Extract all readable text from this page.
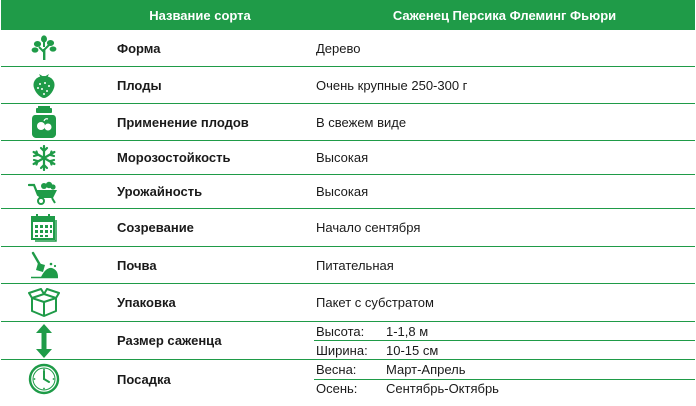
Название сорта	Саженец Персика Флеминг Фьюри
Форма	Дерево
Плоды	Очень крупные 250-300 г
Применение плодов	В свежем виде
Морозостойкость	Высокая
Урожайность	Высокая
Созревание	Начало сентября
Почва	Питательная
Упаковка	Пакет с субстратом
Размер саженца
Высота:	1-1,8 м
Ширина:	10-15 см
Посадка
Весна:	Март-Апрель
Осень:	Сентябрь-Октябрь
